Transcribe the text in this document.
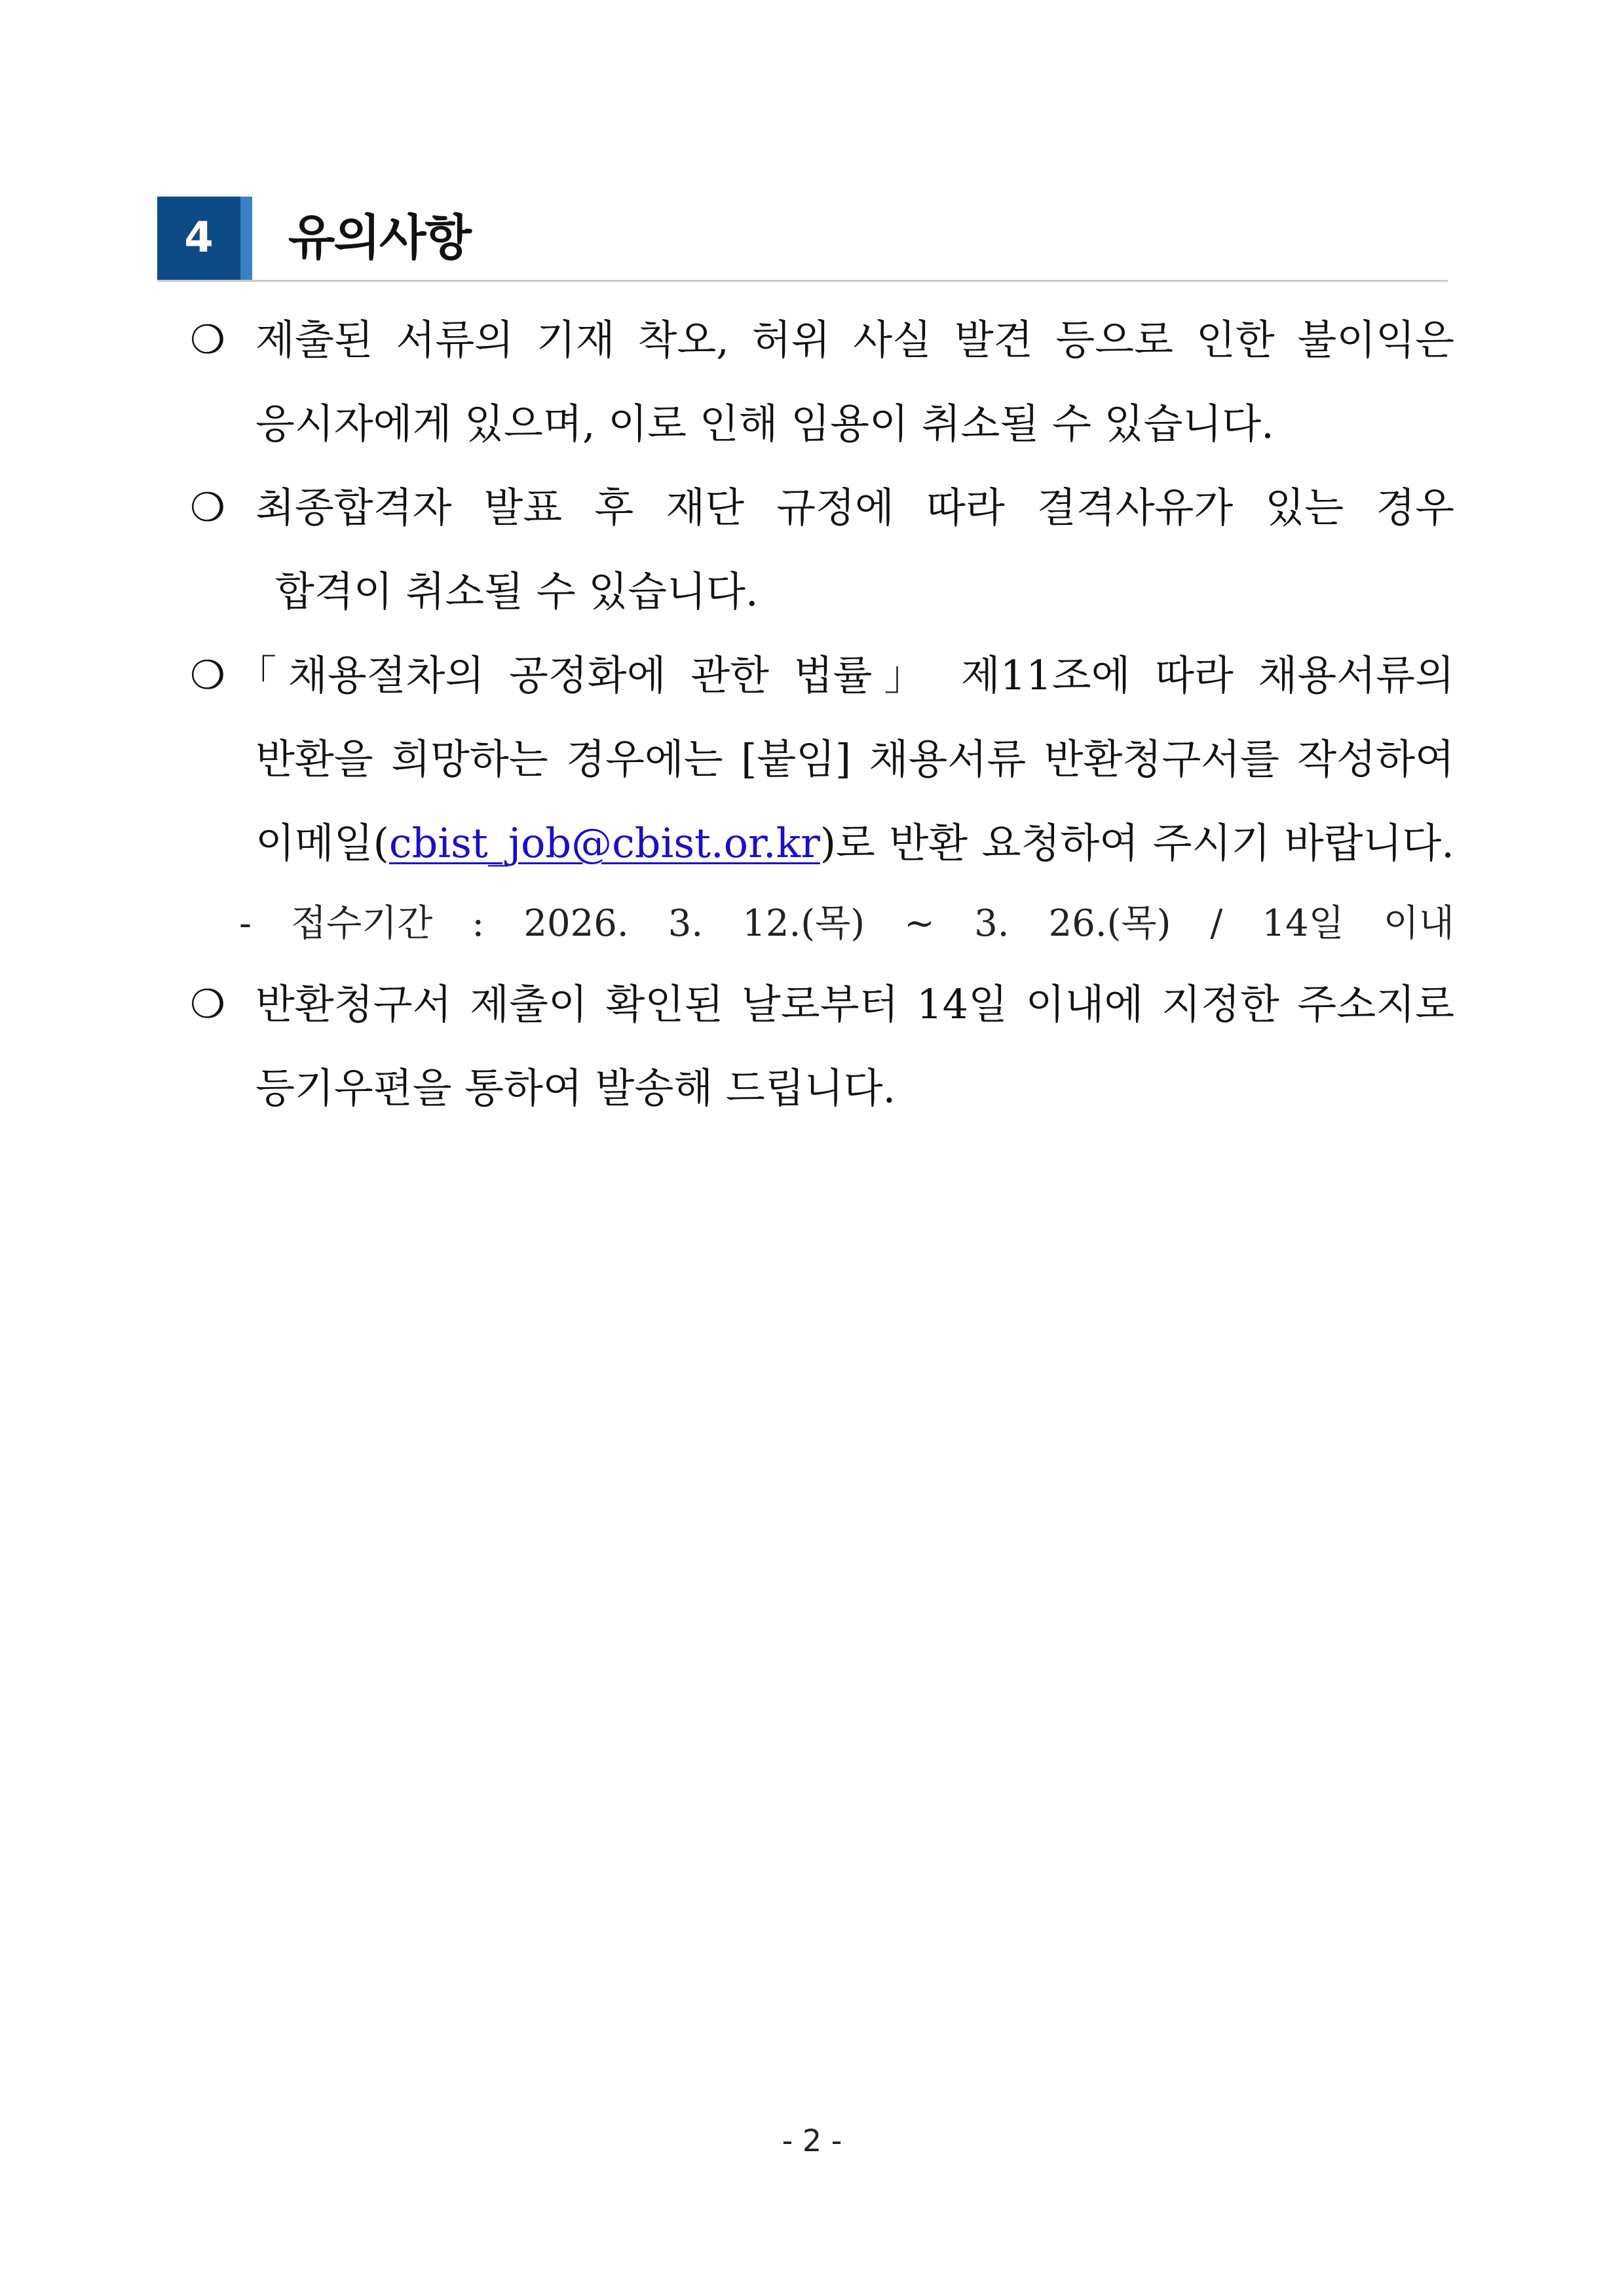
4	유의사항
❍ 제출된 서류의 기재 착오, 허위 사실 발견 등으로 인한 불이익은
응시자에게 있으며, 이로 인해 임용이 취소될 수 있습니다.
❍ 최종합격자 발표 후 재단 규정에 따라 결격사유가 있는 경우
합격이 취소될 수 있습니다.
❍ 「채용절차의 공정화에 관한 법률」 제11조에 따라 채용서류의
반환을 희망하는 경우에는 [붙임] 채용서류 반환청구서를 작성하여
이메일(cbist_job@cbist.or.kr)로 반환 요청하여 주시기 바랍니다.
- 접수기간 : 2026. 3. 12.(목) ~ 3. 26.(목) / 14일 이내
❍ 반환청구서 제출이 확인된 날로부터 14일 이내에 지정한 주소지로
등기우편을 통하여 발송해 드립니다.
- 2 -
